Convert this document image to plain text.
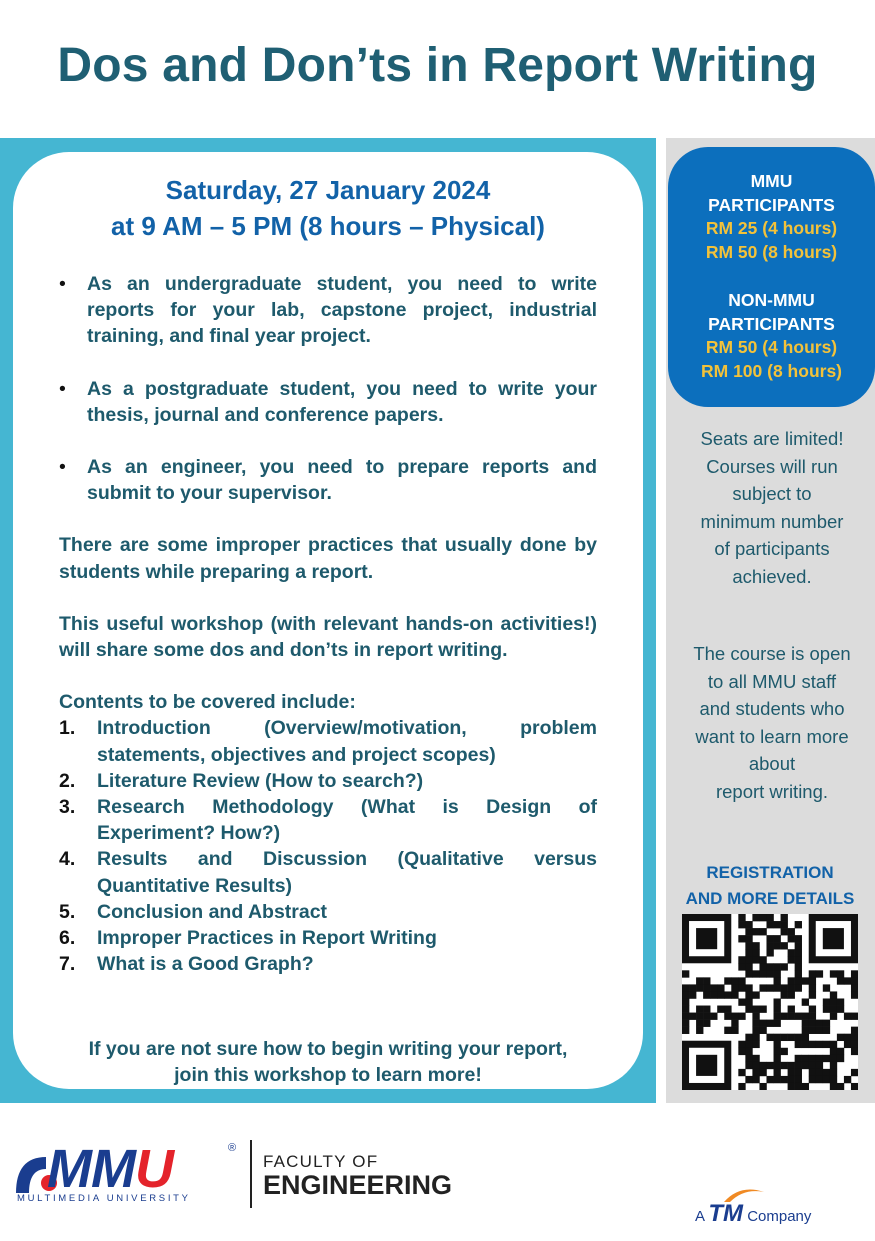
Dos and Don’ts in Report Writing
Saturday, 27 January 2024
at 9 AM – 5 PM (8 hours – Physical)
• As an undergraduate student, you need to write reports for your lab, capstone project, industrial training, and final year project.
• As a postgraduate student, you need to write your thesis, journal and conference papers.
• As an engineer, you need to prepare reports and submit to your supervisor.
There are some improper practices that usually done by students while preparing a report.
This useful workshop (with relevant hands-on activities!) will share some dos and don’ts in report writing.
Contents to be covered include:
1. Introduction (Overview/motivation, problem statements, objectives and project scopes)
2. Literature Review (How to search?)
3. Research Methodology (What is Design of Experiment? How?)
4. Results and Discussion (Qualitative versus Quantitative Results)
5. Conclusion and Abstract
6. Improper Practices in Report Writing
7. What is a Good Graph?
If you are not sure how to begin writing your report,
join this workshop to learn more!
MMU
PARTICIPANTS
RM 25 (4 hours)
RM 50 (8 hours)
NON-MMU
PARTICIPANTS
RM 50 (4 hours)
RM 100 (8 hours)
Seats are limited!
Courses will run
subject to
minimum number
of participants
achieved.
The course is open
to all MMU staff
and students who
want to learn more
about
report writing.
REGISTRATION
AND MORE DETAILS
MMU	®
MULTIMEDIA UNIVERSITY
FACULTY OF
ENGINEERING
A TM Company
